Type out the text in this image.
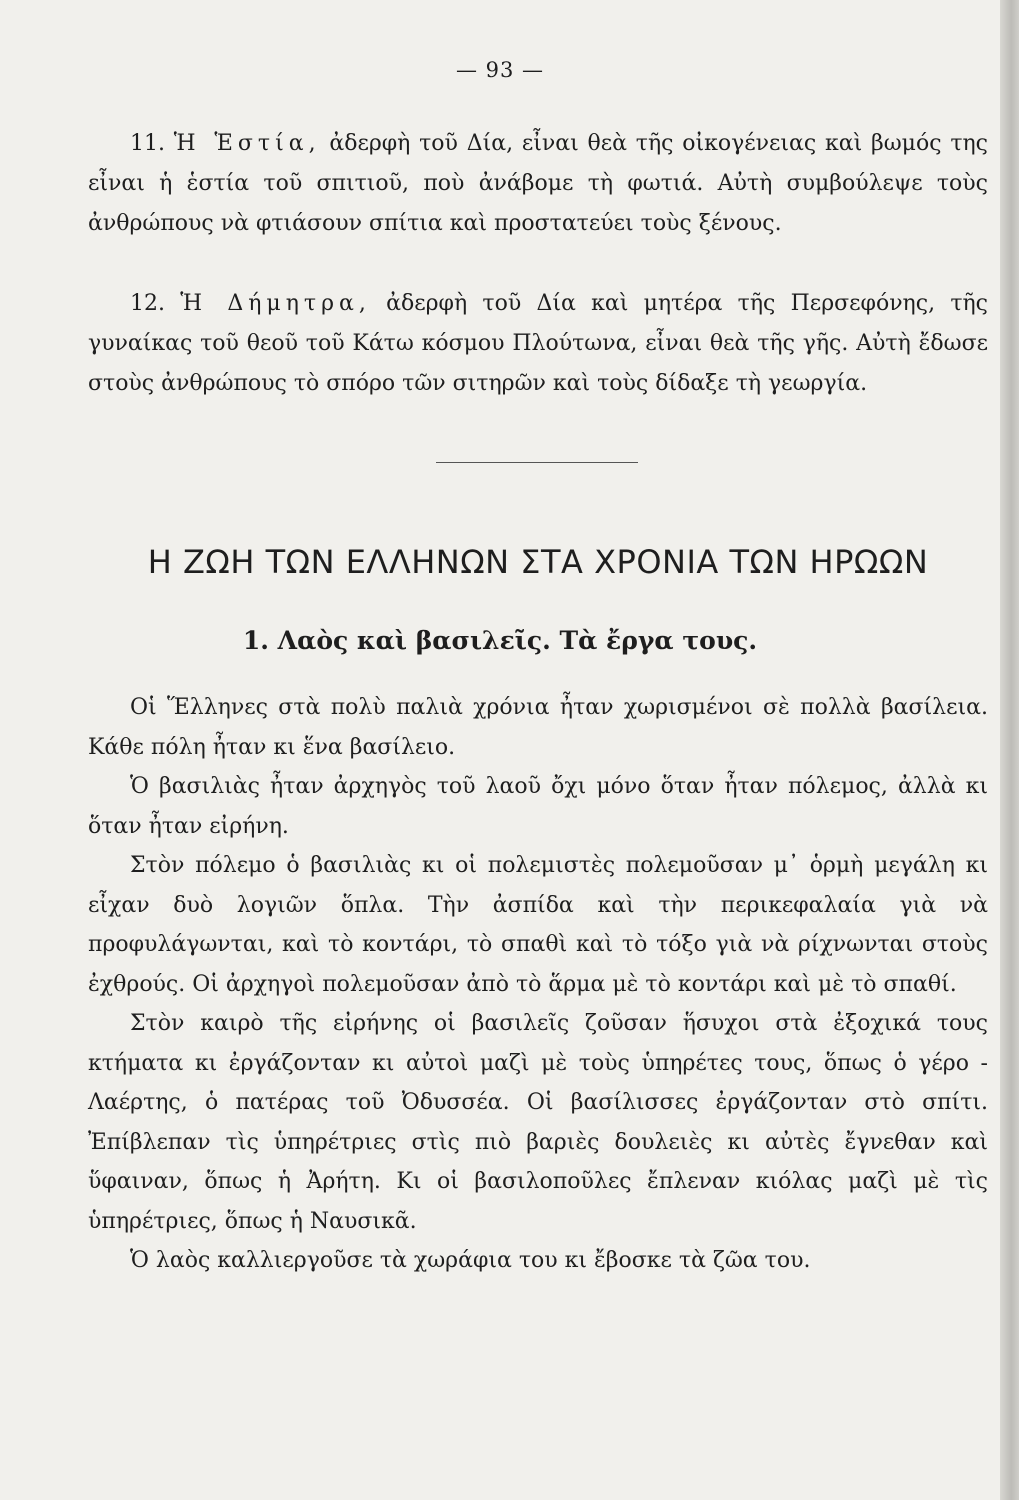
— 93 —

11. Ἡ Ἑστία, ἀδερφὴ τοῦ Δία, εἶναι θεὰ τῆς οἰκογένειας καὶ βωμός της εἶναι ἡ ἑστία τοῦ σπιτιοῦ, ποὺ ἀνάβομε τὴ φωτιά. Αὐτὴ συμβούλεψε τοὺς ἀνθρώπους νὰ φτιάσουν σπίτια καὶ προστατεύει τοὺς ξένους.

12. Ἡ Δήμητρα, ἀδερφὴ τοῦ Δία καὶ μητέρα τῆς Περσεφόνης, τῆς γυναίκας τοῦ θεοῦ τοῦ Κάτω κόσμου Πλούτωνα, εἶναι θεὰ τῆς γῆς. Αὐτὴ ἔδωσε στοὺς ἀνθρώπους τὸ σπόρο τῶν σιτηρῶν καὶ τοὺς δίδαξε τὴ γεωργία.

Η ΖΩΗ ΤΩΝ ΕΛΛΗΝΩΝ ΣΤΑ ΧΡΟΝΙΑ ΤΩΝ ΗΡΩΩΝ
1. Λαὸς καὶ βασιλεῖς. Τὰ ἔργα τους.

Οἱ Ἕλληνες στὰ πολὺ παλιὰ χρόνια ἦταν χωρισμένοι σὲ πολλὰ βασίλεια. Κάθε πόλη ἦταν κι ἕνα βασίλειο.

Ὁ βασιλιὰς ἦταν ἀρχηγὸς τοῦ λαοῦ ὄχι μόνο ὅταν ἦταν πόλεμος, ἀλλὰ κι ὅταν ἦταν εἰρήνη.

Στὸν πόλεμο ὁ βασιλιὰς κι οἱ πολεμιστὲς πολεμοῦσαν μ᾿ ὁρμὴ μεγάλη κι εἶχαν δυὸ λογιῶν ὅπλα. Τὴν ἀσπίδα καὶ τὴν περικεφαλαία γιὰ νὰ προφυλάγωνται, καὶ τὸ κοντάρι, τὸ σπαθὶ καὶ τὸ τόξο γιὰ νὰ ρίχνωνται στοὺς ἐχθρούς. Οἱ ἀρχηγοὶ πολεμοῦσαν ἀπὸ τὸ ἅρμα μὲ τὸ κοντάρι καὶ μὲ τὸ σπαθί.

Στὸν καιρὸ τῆς εἰρήνης οἱ βασιλεῖς ζοῦσαν ἥσυχοι στὰ ἐξοχικά τους κτήματα κι ἐργάζονταν κι αὐτοὶ μαζὶ μὲ τοὺς ὑπηρέτες τους, ὅπως ὁ γέρο - Λαέρτης, ὁ πατέρας τοῦ Ὀδυσσέα. Οἱ βασίλισσες ἐργάζονταν στὸ σπίτι. Ἐπίβλεπαν τὶς ὑπηρέτριες στὶς πιὸ βαριὲς δουλειὲς κι αὐτὲς ἔγνεθαν καὶ ὕφαιναν, ὅπως ἡ Ἀρήτη. Κι οἱ βασιλοποῦλες ἔπλεναν κιόλας μαζὶ μὲ τὶς ὑπηρέτριες, ὅπως ἡ Ναυσικᾶ.

Ὁ λαὸς καλλιεργοῦσε τὰ χωράφια του κι ἔβοσκε τὰ ζῶα του.
